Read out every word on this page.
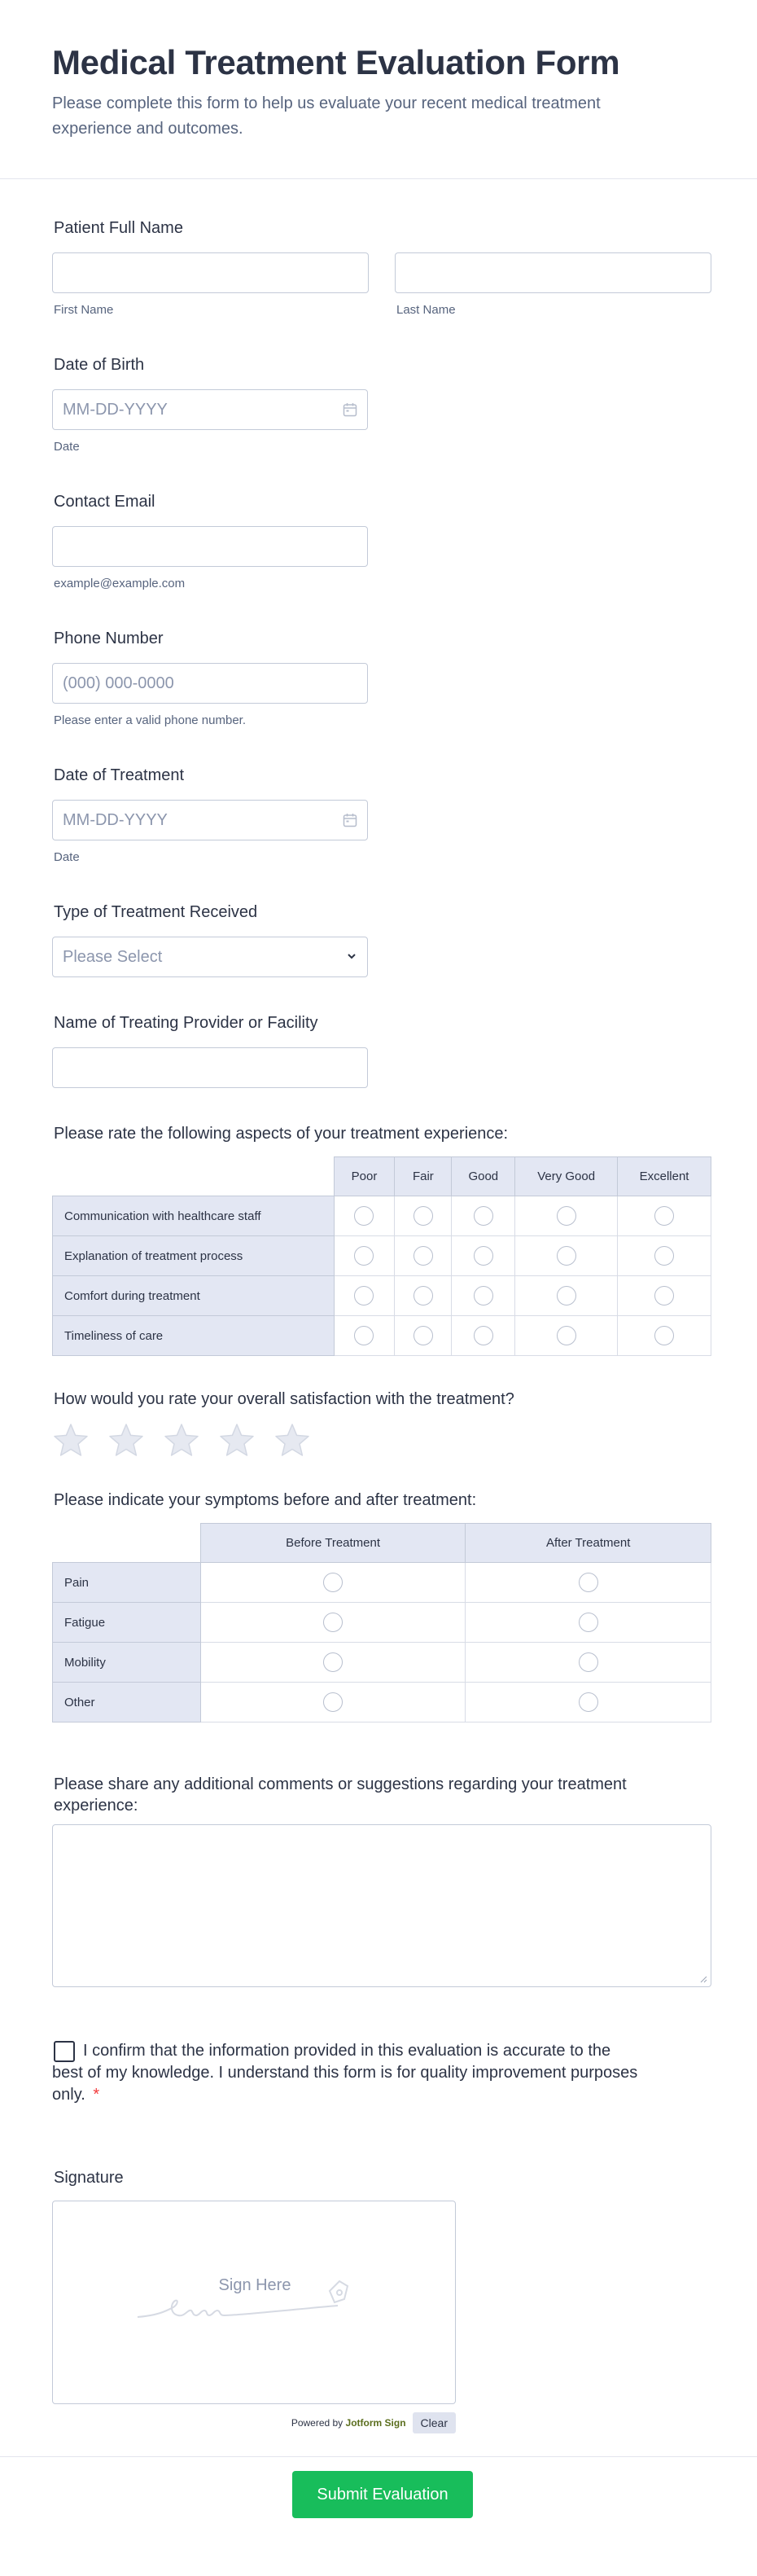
Medical Treatment Evaluation Form

Please complete this form to help us evaluate your recent medical treatment experience and outcomes.

Patient Full Name
First Name	Last Name
Date of Birth
MM-DD-YYYY
Date
Contact Email
example@example.com
Phone Number
(000) 000-0000
Please enter a valid phone number.
Date of Treatment
MM-DD-YYYY
Date
Type of Treatment Received
Please Select
Name of Treating Provider or Facility
Please rate the following aspects of your treatment experience:
	Poor	Fair	Good	Very Good	Excellent
Communication with healthcare staff					
Explanation of treatment process					
Comfort during treatment					
Timeliness of care					
How would you rate your overall satisfaction with the treatment?
Please indicate your symptoms before and after treatment:
	Before Treatment	After Treatment
Pain		
Fatigue		
Mobility		
Other		
Please share any additional comments or suggestions regarding your treatment experience:
I confirm that the information provided in this evaluation is accurate to the best of my knowledge. I understand this form is for quality improvement purposes only. *
Signature
Sign Here
Powered by Jotform Sign	Clear
Submit Evaluation
